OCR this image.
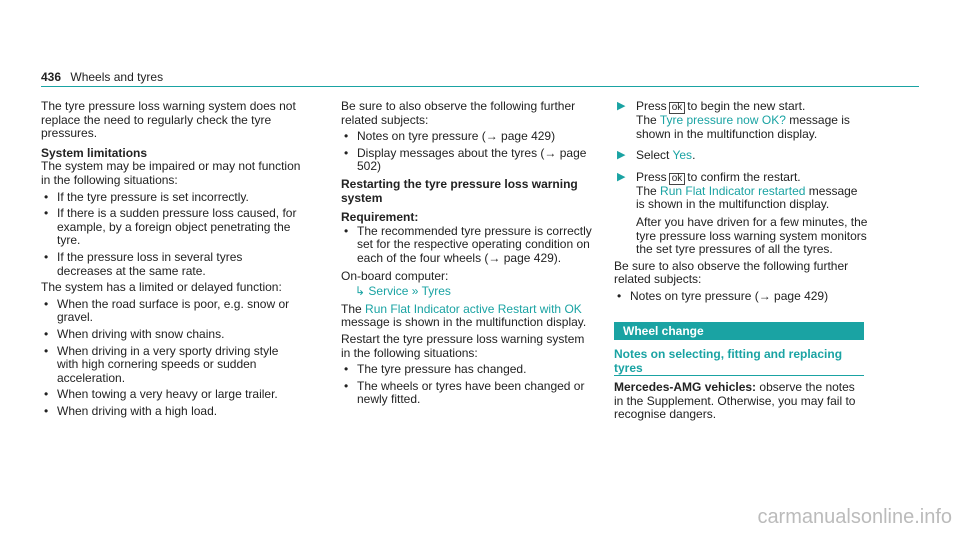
436 Wheels and tyres

The tyre pressure loss warning system does not replace the need to regularly check the tyre pressures.

System limitations

The system may be impaired or may not function in the following situations:

• If the tyre pressure is set incorrectly.
• If there is a sudden pressure loss caused, for example, by a foreign object penetrating the tyre.
• If the pressure loss in several tyres decreases at the same rate.

The system has a limited or delayed function:

• When the road surface is poor, e.g. snow or gravel.
• When driving with snow chains.
• When driving in a very sporty driving style with high cornering speeds or sudden acceleration.
• When towing a very heavy or large trailer.
• When driving with a high load.

Be sure to also observe the following further related subjects:

• Notes on tyre pressure (→ page 429)
• Display messages about the tyres (→ page 502)

Restarting the tyre pressure loss warning system

Requirement:

• The recommended tyre pressure is correctly set for the respective operating condition on each of the four wheels (→ page 429).

On-board computer:

↳ Service » Tyres

The Run Flat Indicator active Restart with OK message is shown in the multifunction display.

Restart the tyre pressure loss warning system in the following situations:

• The tyre pressure has changed.
• The wheels or tyres have been changed or newly fitted.
▶ Press ok to begin the new start.
The Tyre pressure now OK? message is shown in the multifunction display.
▶ Select Yes.
▶ Press ok to confirm the restart.
The Run Flat Indicator restarted message is shown in the multifunction display.
After you have driven for a few minutes, the tyre pressure loss warning system monitors the set tyre pressures of all the tyres.

Be sure to also observe the following further related subjects:

• Notes on tyre pressure (→ page 429)
Wheel change
Notes on selecting, fitting and replacing tyres
Mercedes-AMG vehicles: observe the notes in the Supplement. Otherwise, you may fail to recognise dangers.
carmanualsonline.info
